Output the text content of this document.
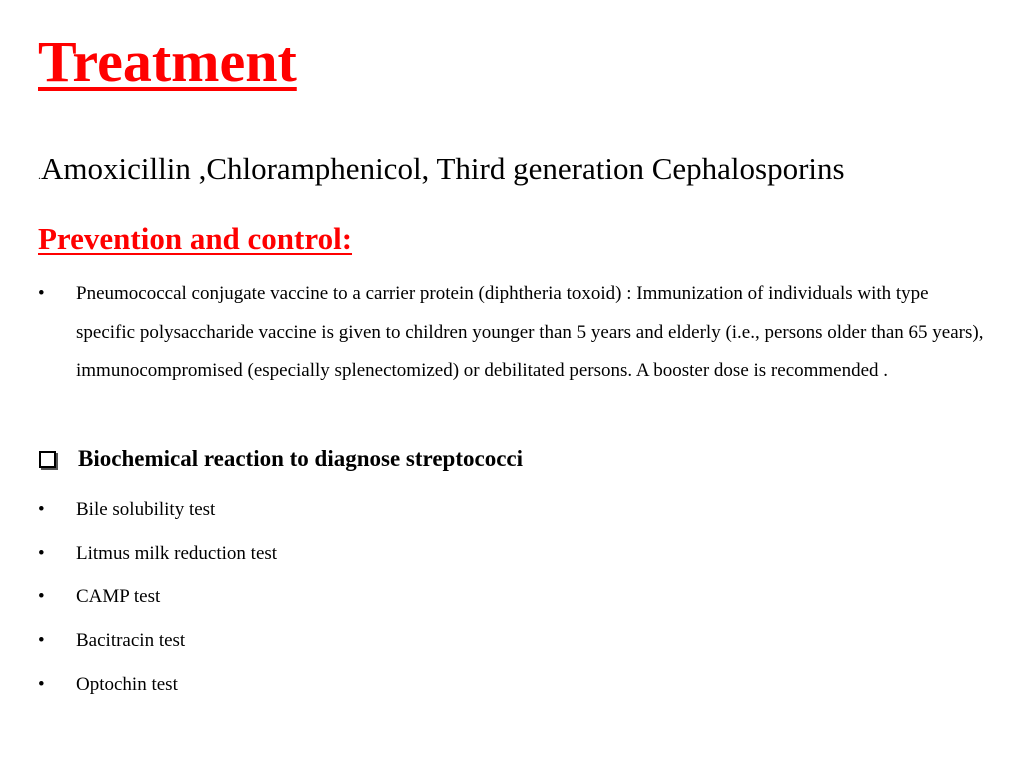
Treatment
.Amoxicillin ,Chloramphenicol, Third generation Cephalosporins
Prevention and control:
•	Pneumococcal conjugate vaccine to a carrier protein (diphtheria toxoid) : Immunization of individuals with type specific polysaccharide vaccine is given to children younger than 5 years and elderly (i.e., persons older than 65 years), immunocompromised (especially splenectomized) or debilitated persons. A booster dose is recommended .
Biochemical reaction to diagnose streptococci
•	Bile solubility test
•	Litmus milk reduction test
•	CAMP test
•	Bacitracin test
•	Optochin test
